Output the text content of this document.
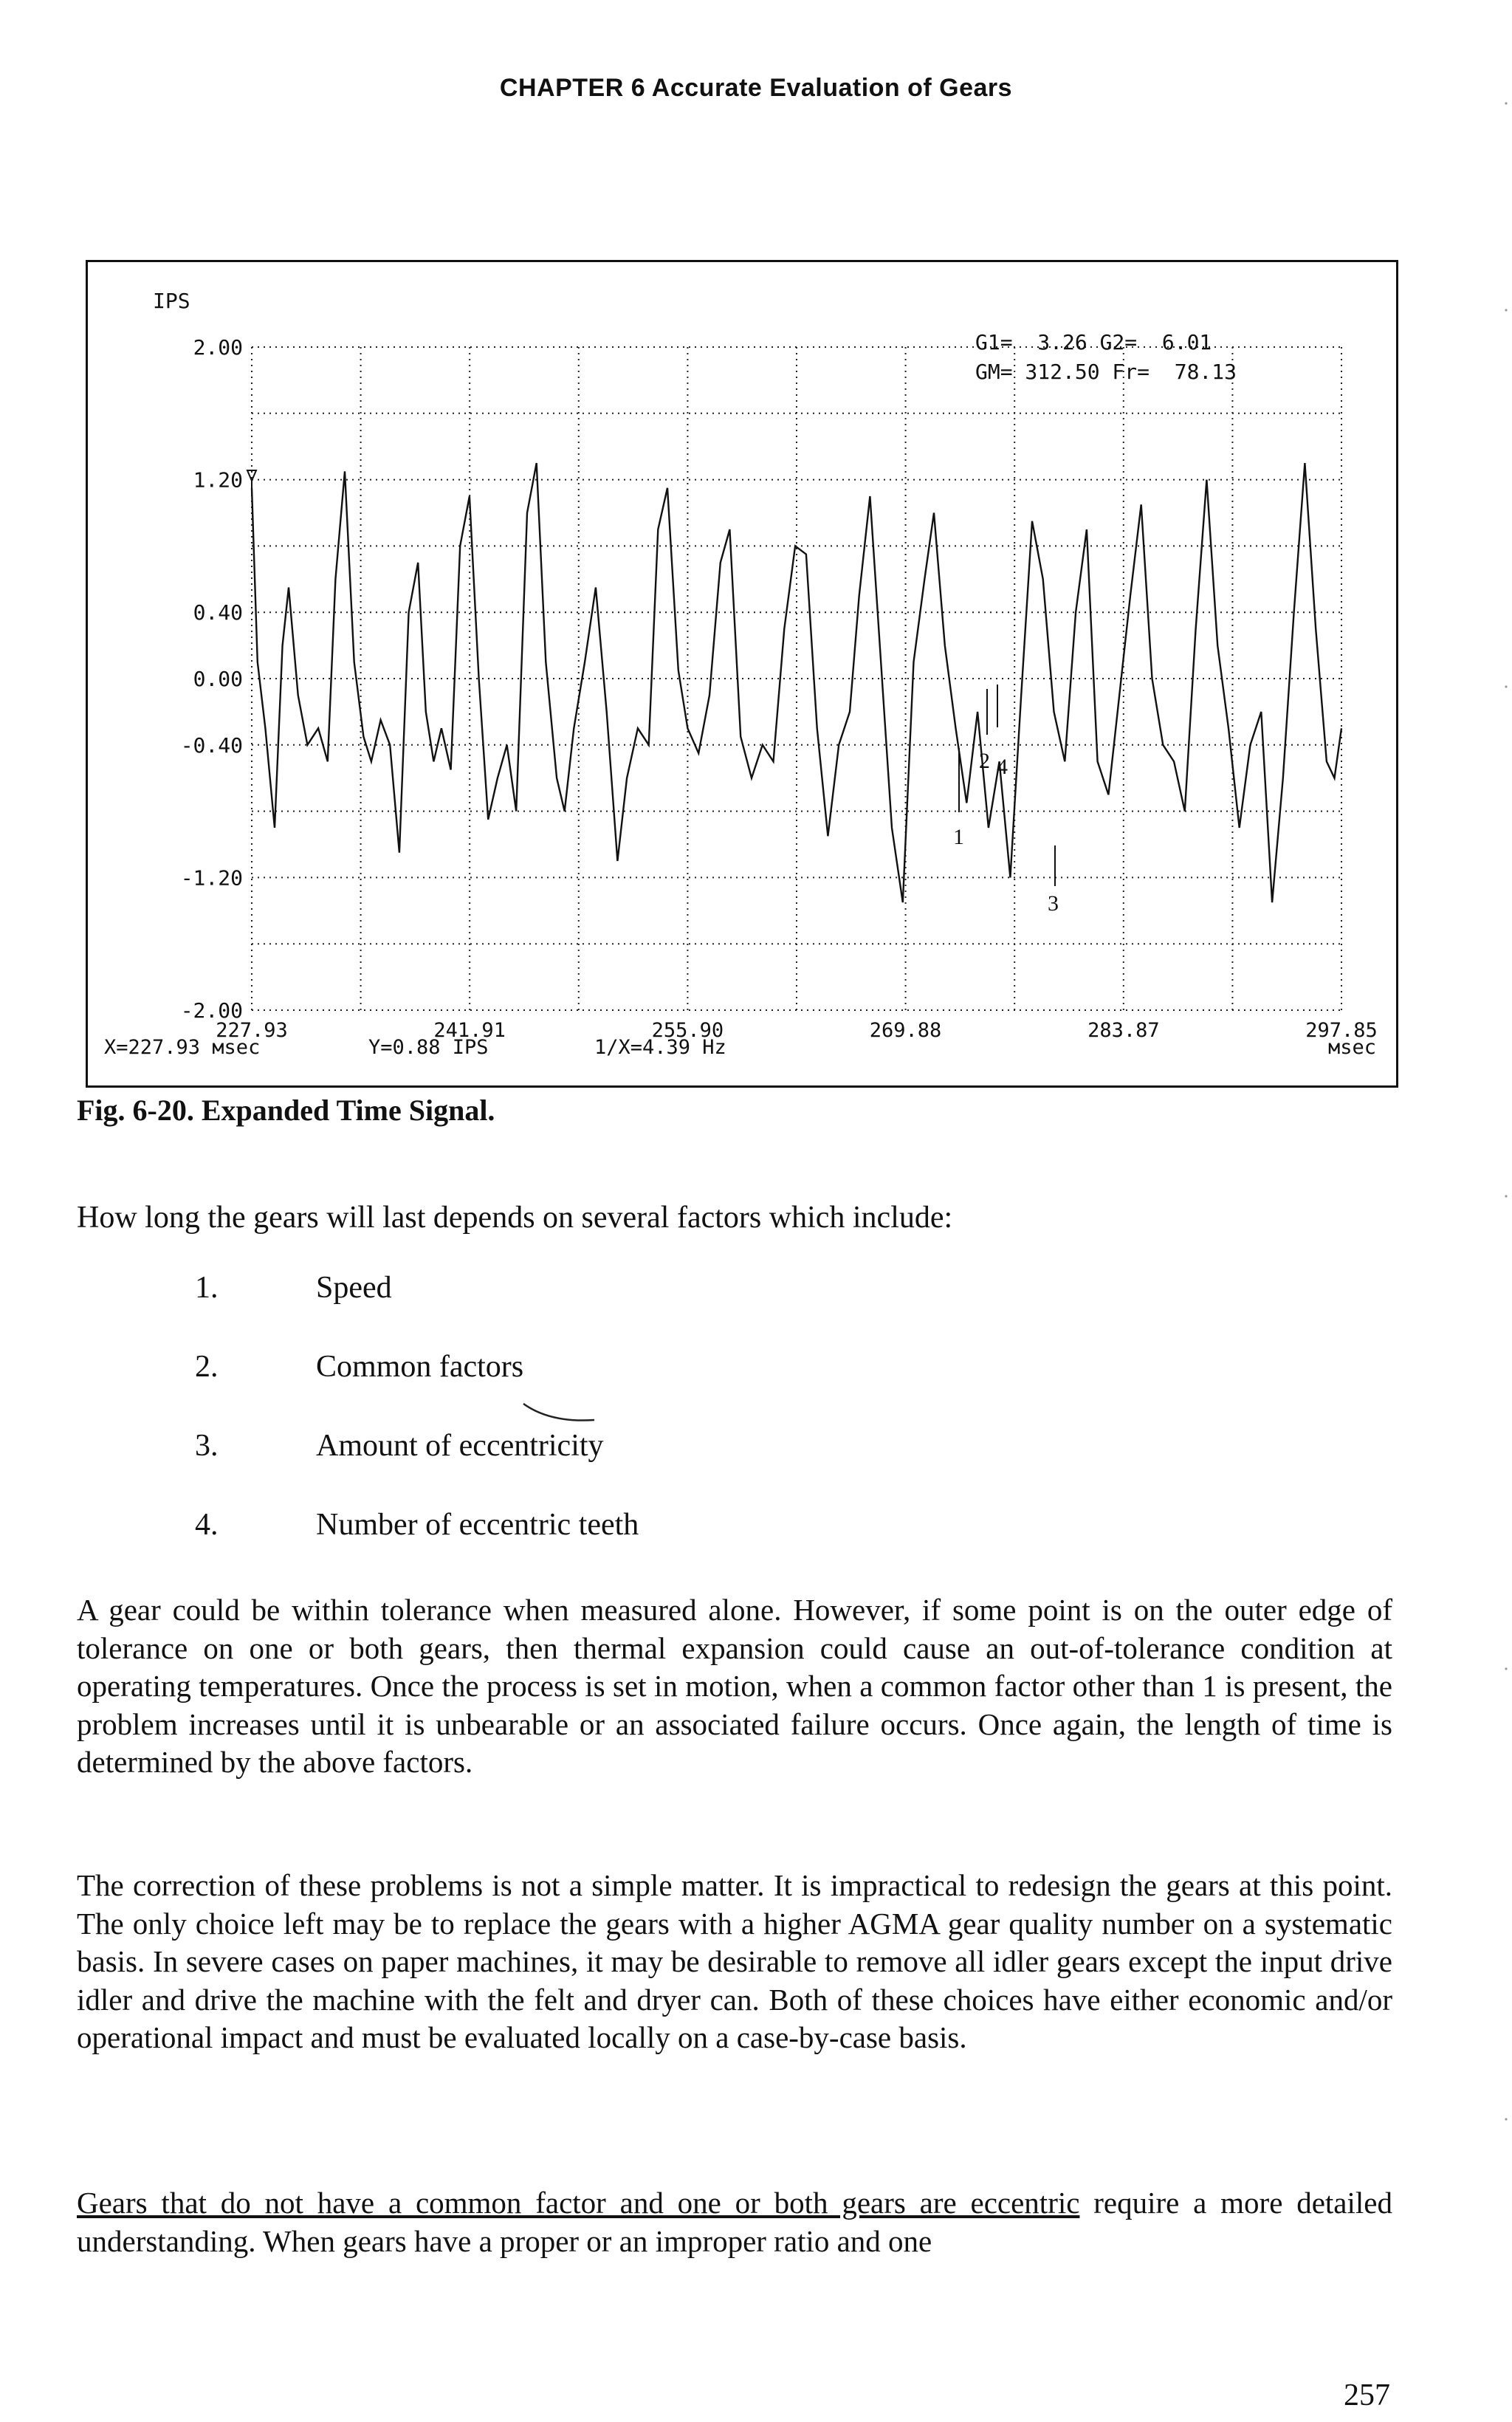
CHAPTER 6 Accurate Evaluation of Gears
2.00
1.20
0.40
0.00
-0.40
-1.20
-2.00
227.93	241.91	255.90	269.88	283.87	297.85
IPS
G1=  3.26 G2=  6.01
GM= 312.50 Fr=  78.13
1
2 4
3
X=227.93 мsec	Y=0.88 IPS	1/X=4.39 Hz	мsec
Fig. 6-20. Expanded Time Signal.
How long the gears will last depends on several factors which include:
1.	Speed
2.	Common factors
3.	Amount of eccentricity
4.	Number of eccentric teeth
A gear could be within tolerance when measured alone. However, if some point is on the outer edge of tolerance on one or both gears, then thermal expansion could cause an out-of-tolerance condition at operating temperatures. Once the process is set in motion, when a common factor other than 1 is present, the problem increases until it is unbearable or an associated failure occurs. Once again, the length of time is determined by the above factors.
The correction of these problems is not a simple matter. It is impractical to redesign the gears at this point. The only choice left may be to replace the gears with a higher AGMA gear quality number on a systematic basis. In severe cases on paper machines, it may be desirable to remove all idler gears except the input drive idler and drive the machine with the felt and dryer can. Both of these choices have either economic and/or operational impact and must be evaluated locally on a case-by-case basis.
Gears that do not have a common factor and one or both gears are eccentric require a more detailed understanding. When gears have a proper or an improper ratio and one
257
